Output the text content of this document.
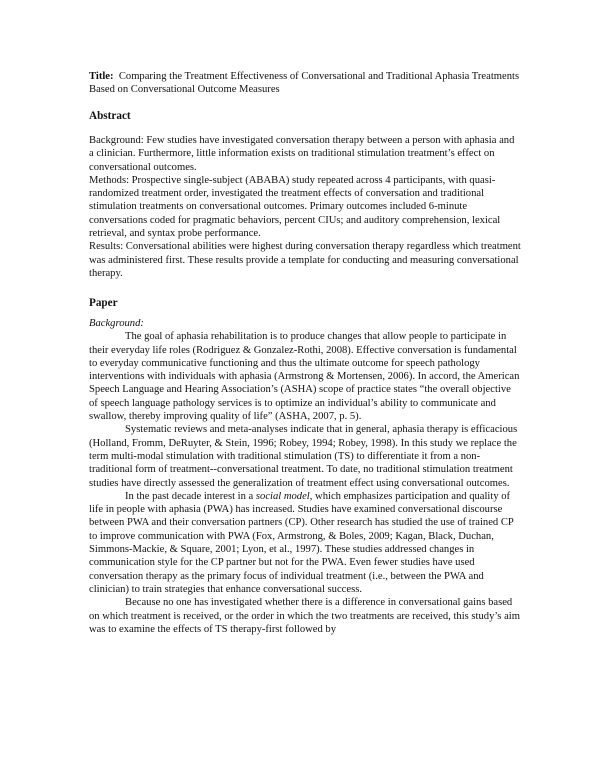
Title: Comparing the Treatment Effectiveness of Conversational and Traditional Aphasia Treatments Based on Conversational Outcome Measures
Abstract

Background: Few studies have investigated conversation therapy between a person with aphasia and a clinician. Furthermore, little information exists on traditional stimulation treatment’s effect on conversational outcomes.

Methods: Prospective single-subject (ABABA) study repeated across 4 participants, with quasi-randomized treatment order, investigated the treatment effects of conversation and traditional stimulation treatments on conversational outcomes. Primary outcomes included 6-minute conversations coded for pragmatic behaviors, percent CIUs; and auditory comprehension, lexical retrieval, and syntax probe performance.

Results: Conversational abilities were highest during conversation therapy regardless which treatment was administered first. These results provide a template for conducting and measuring conversational therapy.

Paper

Background:

The goal of aphasia rehabilitation is to produce changes that allow people to participate in their everyday life roles (Rodriguez & Gonzalez-Rothi, 2008). Effective conversation is fundamental to everyday communicative functioning and thus the ultimate outcome for speech pathology interventions with individuals with aphasia (Armstrong & Mortensen, 2006). In accord, the American Speech Language and Hearing Association’s (ASHA) scope of practice states “the overall objective of speech language pathology services is to optimize an individual’s ability to communicate and swallow, thereby improving quality of life” (ASHA, 2007, p. 5).

Systematic reviews and meta-analyses indicate that in general, aphasia therapy is efficacious (Holland, Fromm, DeRuyter, & Stein, 1996; Robey, 1994; Robey, 1998). In this study we replace the term multi-modal stimulation with traditional stimulation (TS) to differentiate it from a non-traditional form of treatment--conversational treatment. To date, no traditional stimulation treatment studies have directly assessed the generalization of treatment effect using conversational outcomes.

In the past decade interest in a social model, which emphasizes participation and quality of life in people with aphasia (PWA) has increased. Studies have examined conversational discourse between PWA and their conversation partners (CP). Other research has studied the use of trained CP to improve communication with PWA (Fox, Armstrong, & Boles, 2009; Kagan, Black, Duchan, Simmons-Mackie, & Square, 2001; Lyon, et al., 1997). These studies addressed changes in communication style for the CP partner but not for the PWA. Even fewer studies have used conversation therapy as the primary focus of individual treatment (i.e., between the PWA and clinician) to train strategies that enhance conversational success.

Because no one has investigated whether there is a difference in conversational gains based on which treatment is received, or the order in which the two treatments are received, this study’s aim was to examine the effects of TS therapy-first followed by
